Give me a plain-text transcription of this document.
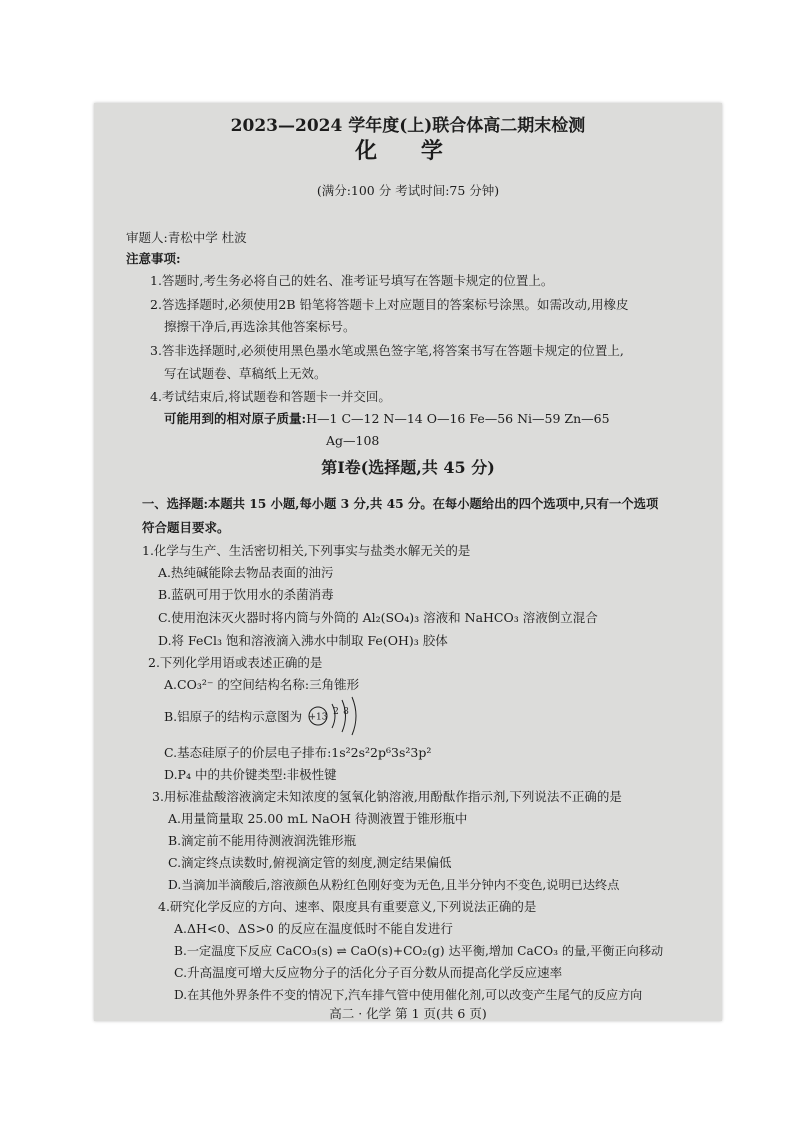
2023—2024 学年度(上)联合体高二期末检测
化 学
(满分:100 分 考试时间:75 分钟)
审题人:青松中学 杜波
注意事项:
1.答题时,考生务必将自己的姓名、准考证号填写在答题卡规定的位置上。
2.答选择题时,必须使用2B 铅笔将答题卡上对应题目的答案标号涂黑。如需改动,用橡皮
擦擦干净后,再选涂其他答案标号。
3.答非选择题时,必须使用黑色墨水笔或黑色签字笔,将答案书写在答题卡规定的位置上,
写在试题卷、草稿纸上无效。
4.考试结束后,将试题卷和答题卡一并交回。
可能用到的相对原子质量:H—1 C—12 N—14 O—16 Fe—56 Ni—59 Zn—65
Ag—108
第Ⅰ卷(选择题,共 45 分)
一、选择题:本题共 15 小题,每小题 3 分,共 45 分。在每小题给出的四个选项中,只有一个选项
符合题目要求。
1.化学与生产、生活密切相关,下列事实与盐类水解无关的是
A.热纯碱能除去物品表面的油污
B.蓝矾可用于饮用水的杀菌消毒
C.使用泡沫灭火器时将内筒与外筒的 Al₂(SO₄)₃ 溶液和 NaHCO₃ 溶液倒立混合
D.将 FeCl₃ 饱和溶液滴入沸水中制取 Fe(OH)₃ 胶体
2.下列化学用语或表述正确的是
A.CO₃²⁻ 的空间结构名称:三角锥形
B.铝原子的结构示意图为 +13
2 8
C.基态硅原子的价层电子排布:1s²2s²2p⁶3s²3p²
D.P₄ 中的共价键类型:非极性键
3.用标准盐酸溶液滴定未知浓度的氢氧化钠溶液,用酚酞作指示剂,下列说法不正确的是
A.用量筒量取 25.00 mL NaOH 待测液置于锥形瓶中
B.滴定前不能用待测液润洗锥形瓶
C.滴定终点读数时,俯视滴定管的刻度,测定结果偏低
D.当滴加半滴酸后,溶液颜色从粉红色刚好变为无色,且半分钟内不变色,说明已达终点
4.研究化学反应的方向、速率、限度具有重要意义,下列说法正确的是
A.ΔH<0、ΔS>0 的反应在温度低时不能自发进行
B.一定温度下反应 CaCO₃(s) ⇌ CaO(s)+CO₂(g) 达平衡,增加 CaCO₃ 的量,平衡正向移动
C.升高温度可增大反应物分子的活化分子百分数从而提高化学反应速率
D.在其他外界条件不变的情况下,汽车排气管中使用催化剂,可以改变产生尾气的反应方向
高二 · 化学 第 1 页(共 6 页)
